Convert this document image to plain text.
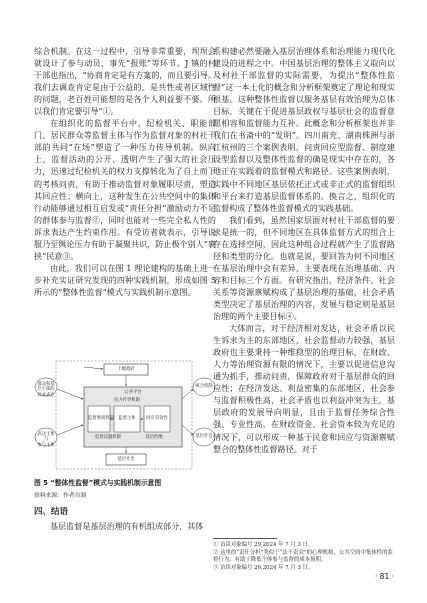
综合机制。在这一过程中，引导非常重要，坝坝会就设计了参与动员、事先“报账”等环节。J 镇的村干部也指出，“协商肯定是有方案的，而且要引导。我们去调查肯定是由于公益的，是共性或者区域性的问题，老百姓可能想的是各个人利益要不要。所以我们肯定要引导”①。

在组织化的监督平台中，纪检机关、职能部门、居民群众等监督主体与作为监督对象的村社干部的共同“在场”塑造了一种压力传导机制。纵向上，监督活动的公开、透明产生了强大的社会压力，迅速过纪检机关的权力支撑转化为了自上而下的考核问责，有助于推动监督对象履职尽责，塑造其回应性；横向上，这种发生在公共空间中的集体行动能够通过相互启发或“责任分担”激励动力不足的群体参与监督②，同时也能对一些完全私人性的诉求表达产生约束作用。有受访者就表示，引导说服乃至舆论压力有助于凝聚共识，防止极个别人“裹挟”民意③。

由此，我们可以在图 1 理论建构的基础上进一步补充实证研究发现的四种实践机制，形成如图 5 所示的“整体性监督”模式与实践机制示意图。

上级政府
群众和基层干部的
诉求表达
表达主体与
参与主体
统合机制
基层社会
公共平台
压力传导机制
监督事项机制	监督主体	回应有效性
监督议题机制	基层治理
基层社会
图 5 “整体性监督”模式与实践机制示意图
资料来源：作者自制
四、结语

基层监督是基层治理的有机组成部分，其体

系构建必然要融入基层治理体系和治理能力现代化建设的进程之中。中国基层治理的整体主义取向以及村社干部监督的实际需要，为提出“整体性监督”这一本土化的概念和分析框架奠定了理论和现实根基。这种整体性监督以服务基层有效治理为总体目标，关键在于促进基层政权与基层社会的监督意愿相容和监督能力互补。此概念和分析框架也并非我们在书斋中的“发明”。四川南充、湖南株洲与浙江杭州的三个案例表明，问责回应型监督、制度建设型监督以及整体性监督的确是现实中存在的，各地正在实践着的监督模式和路径。这些案例表明，实践中不同地区基层依托正式或非正式的监督组织和平台来打造基层监督体系的。换言之，组织化的监督构成了整体性监督模式的实践基础。

我们看到，虽然国家层面对村社干部监督的要求是统一的，但不同地区在具体监督方式的组合上存在选择空间，因此这种组合过程就产生了监督路径和类型的分化。也就是说，要回答为何不同地区在基层治理中会有差异，主要表现在治理基础、内容和目标三个方面。有研究指出，经济条件、社会关系等资源禀赋构成了基层治理的基础，社会矛盾类型决定了基层治理的内容，发展与稳定则是基层治理的两个主要目标④。

大体而言，对于经济相对发达，社会矛盾以民生诉求为主的东部地区，社会监督动力较强，基层政府也主要秉持一种维稳型的治理目标，在财政、人力等治理资源有限的情况下，主要以促进信息沟通为抓手，推动问责，保障政府对于基层群众的回应性；在经济发达、利益密集的东部地区，社会参与监督积极性高，社会矛盾也以利益冲突为主，基层政府的发展导向明显，且由于监督任务综合性强、专业性高，在财政资金、社会资本较为充足的情况下，可以形成一种基于民意和回应与资源禀赋整合的整体性监督路径。对于

① 访谈对象编号 29,2024 年 7 月 3 日。

② 这里的“责任分担”类似于“法不责众”的心理机制，公共空间中集体性的监督行为，有助于降低个体参与监督的成本预期。

③ 访谈对象编号 29,2024 年 7 月 3 日。

· 81 ·
